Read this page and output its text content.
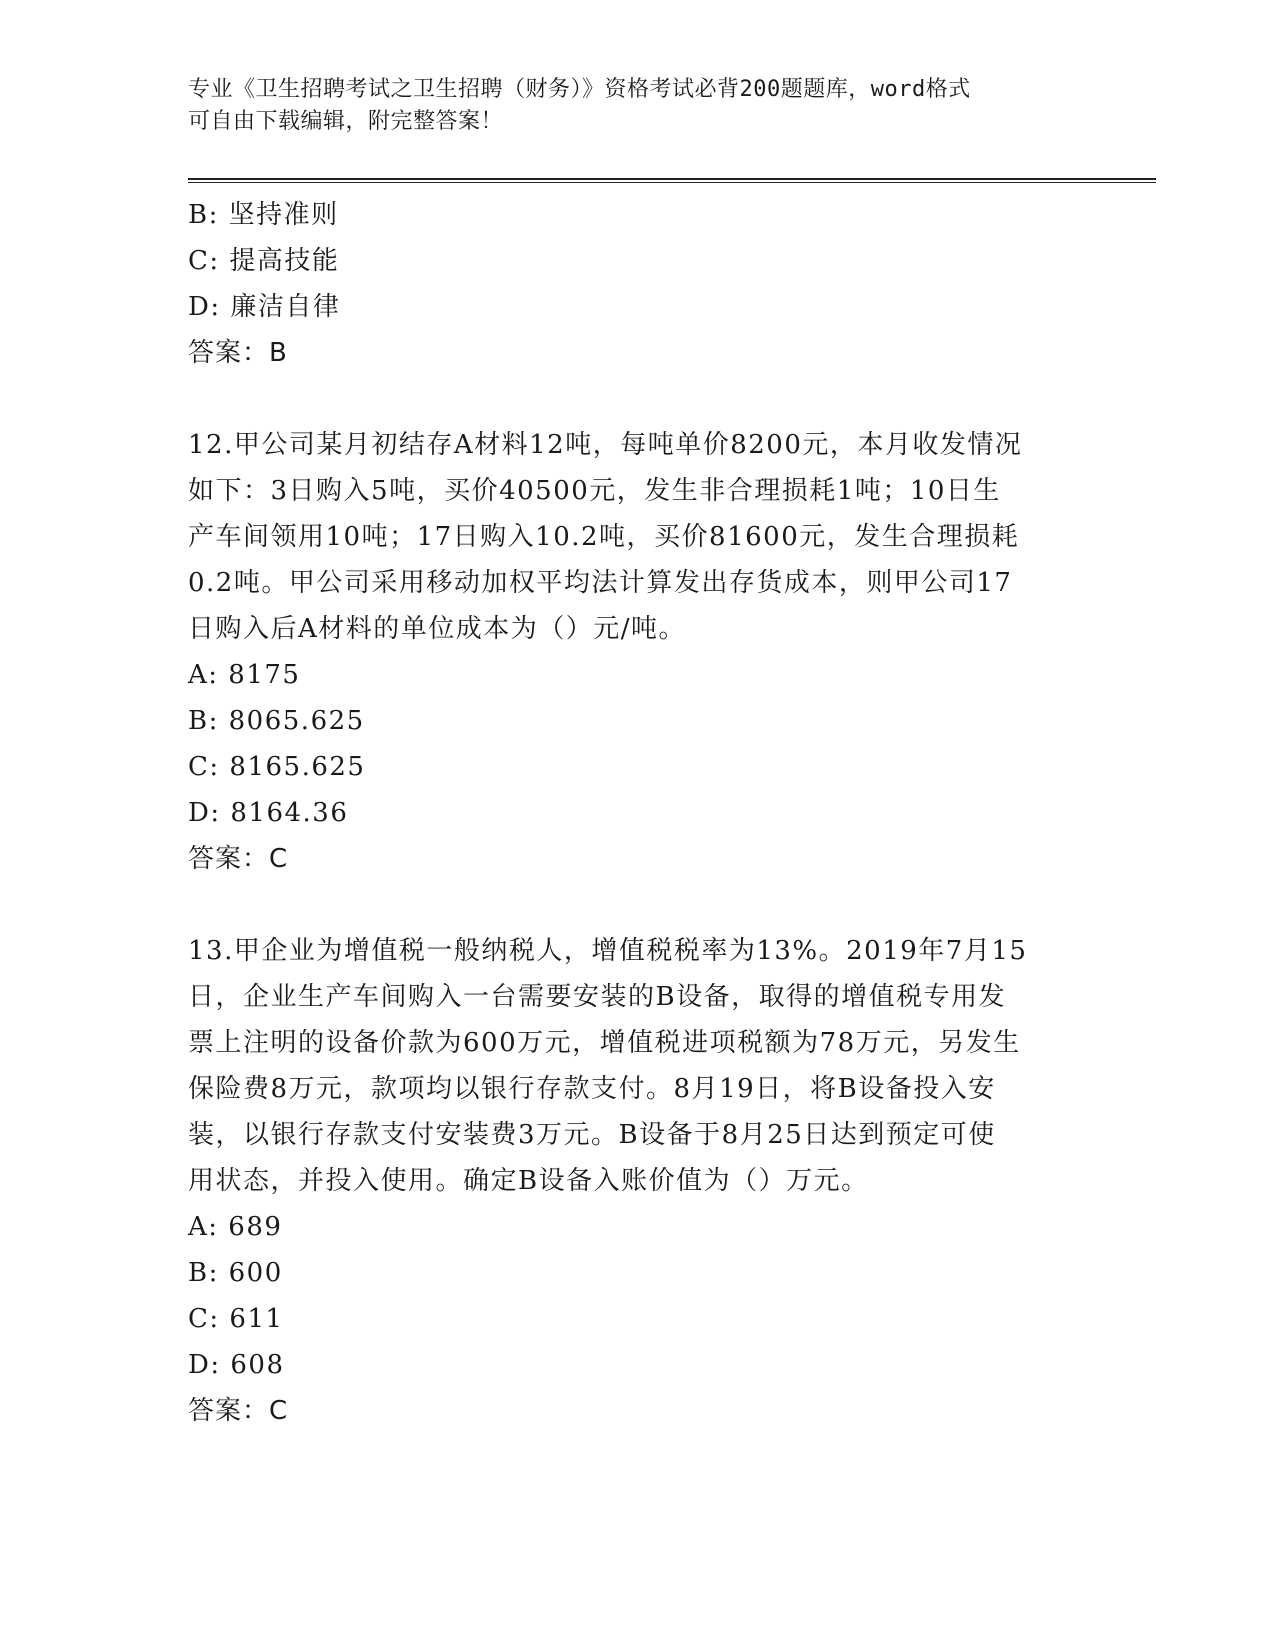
专业《卫生招聘考试之卫生招聘（财务）》资格考试必背200题题库，word格式
可自由下载编辑，附完整答案！
B: 坚持准则
C: 提高技能
D: 廉洁自律
答案：B
12.甲公司某月初结存A材料12吨，每吨单价8200元，本月收发情况
如下：3日购入5吨，买价40500元，发生非合理损耗1吨；10日生
产车间领用10吨；17日购入10.2吨，买价81600元，发生合理损耗
0.2吨。甲公司采用移动加权平均法计算发出存货成本，则甲公司17
日购入后A材料的单位成本为（）元/吨。
A: 8175
B: 8065.625
C: 8165.625
D: 8164.36
答案：C
13.甲企业为增值税一般纳税人，增值税税率为13%。2019年7月15
日，企业生产车间购入一台需要安装的B设备，取得的增值税专用发
票上注明的设备价款为600万元，增值税进项税额为78万元，另发生
保险费8万元，款项均以银行存款支付。8月19日，将B设备投入安
装，以银行存款支付安装费3万元。B设备于8月25日达到预定可使
用状态，并投入使用。确定B设备入账价值为（）万元。
A: 689
B: 600
C: 611
D: 608
答案：C
